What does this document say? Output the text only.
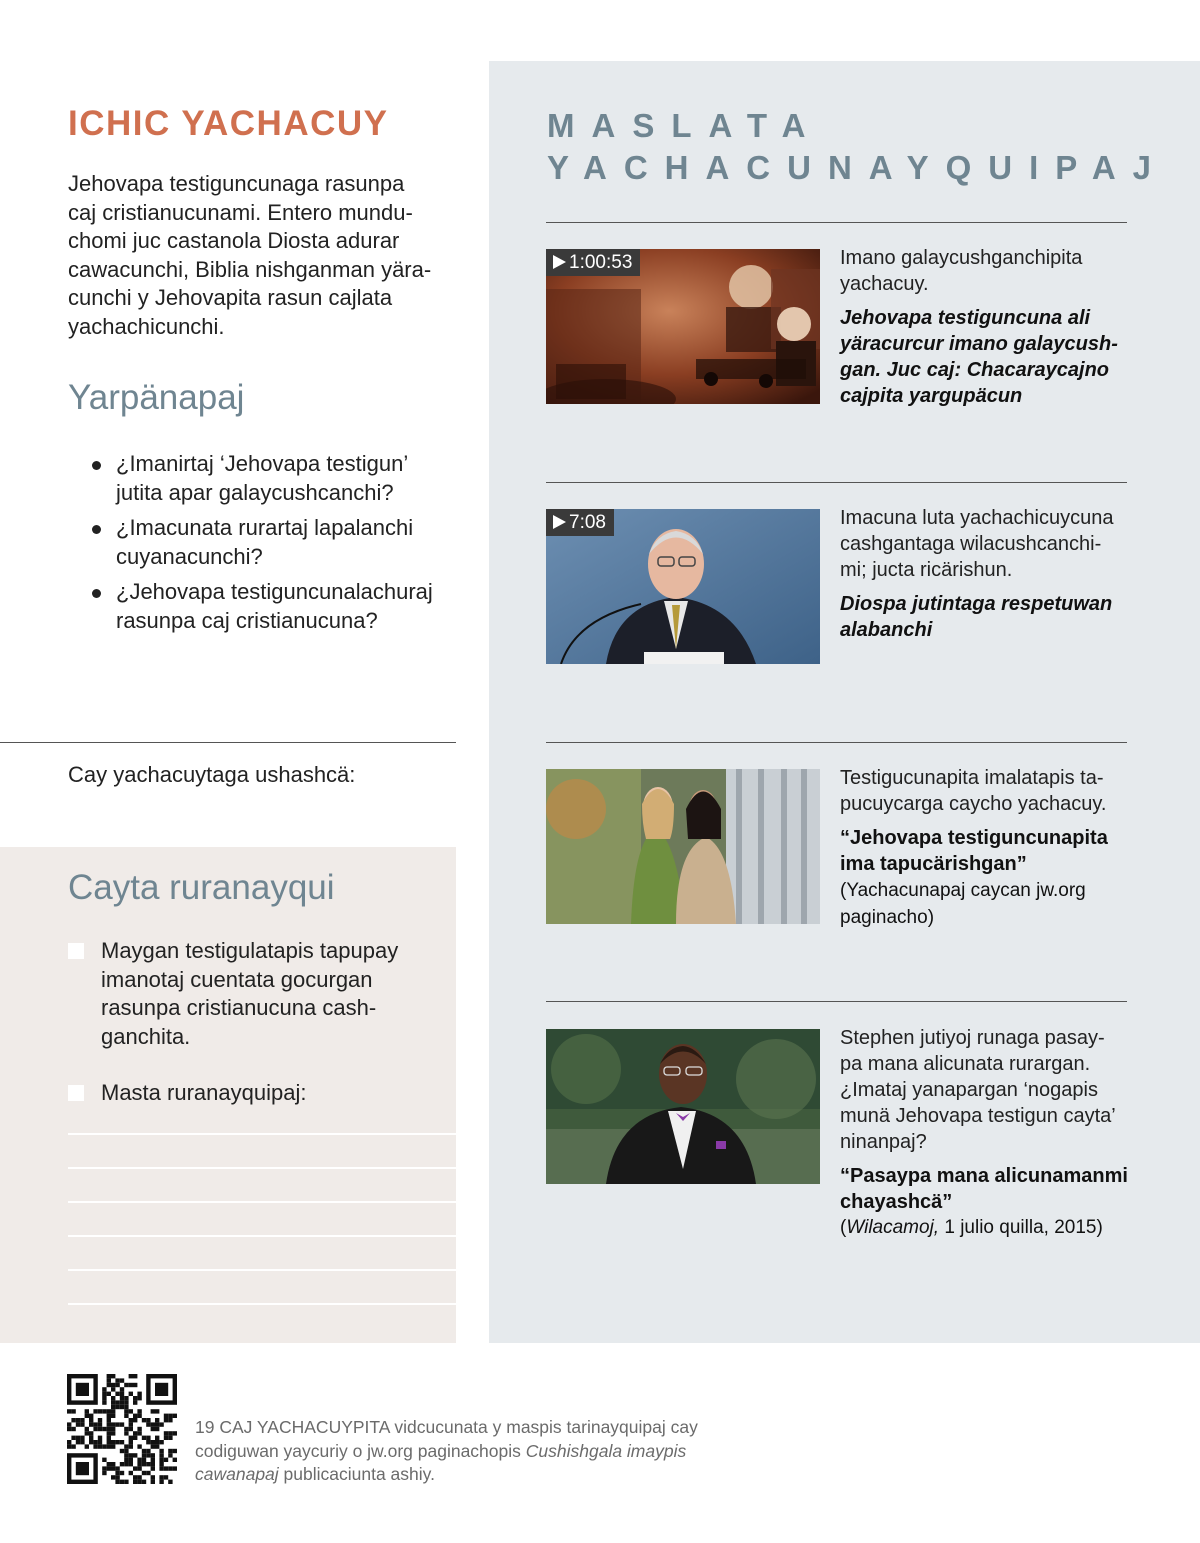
ICHIC YACHACUY
Jehovapa testiguncunaga rasunpa
caj cristianucunami. Entero mundu-
chomi juc castanola Diosta adurar
cawacunchi, Biblia nishganman yära-
cunchi y Jehovapita rasun cajlata
yachachicunchi.
Yarpänapaj
¿Imanirtaj ‘Jehovapa testigun’
jutita apar galaycushcanchi?
¿Imacunata rurartaj lapalanchi
cuyanacunchi?
¿Jehovapa testiguncunalachuraj
rasunpa caj cristianucuna?
Cay yachacuytaga ushashcä:
Cayta ruranayqui
Maygan testigulatapis tapupay
imanotaj cuentata gocurgan
rasunpa cristianucuna cash-
ganchita.
Masta ruranayquipaj:
MASLATA
YACHACUNAYQUIPAJ
1:00:53	Imano galaycushganchipita
yachacuy.
Jehovapa testiguncuna ali
yäracurcur imano galaycush-
gan. Juc caj: Chacaraycajno
cajpita yargupäcun
7:08	Imacuna luta yachachicuycuna
cashgantaga wilacushcanchi-
mi; jucta ricärishun.
Diospa jutintaga respetuwan
alabanchi
Testigucunapita imalatapis ta-
pucuycarga caycho yachacuy.
“Jehovapa testiguncunapita ima tapucärishgan” (Yachacunapaj caycan jw.org paginacho)
Stephen jutiyoj runaga pasay-
pa mana alicunata rurargan.
¿Imataj yanapargan ‘nogapis
munä Jehovapa testigun cayta’
ninanpaj?
“Pasaypa mana alicunamanmi chayashcä”
(Wilacamoj, 1 julio quilla, 2015)
19 CAJ YACHACUYPITA vidcucunata y maspis tarinayquipaj cay codiguwan yaycuriy o jw.org paginachopis Cushishgala imaypis cawanapaj publicaciunta ashiy.
